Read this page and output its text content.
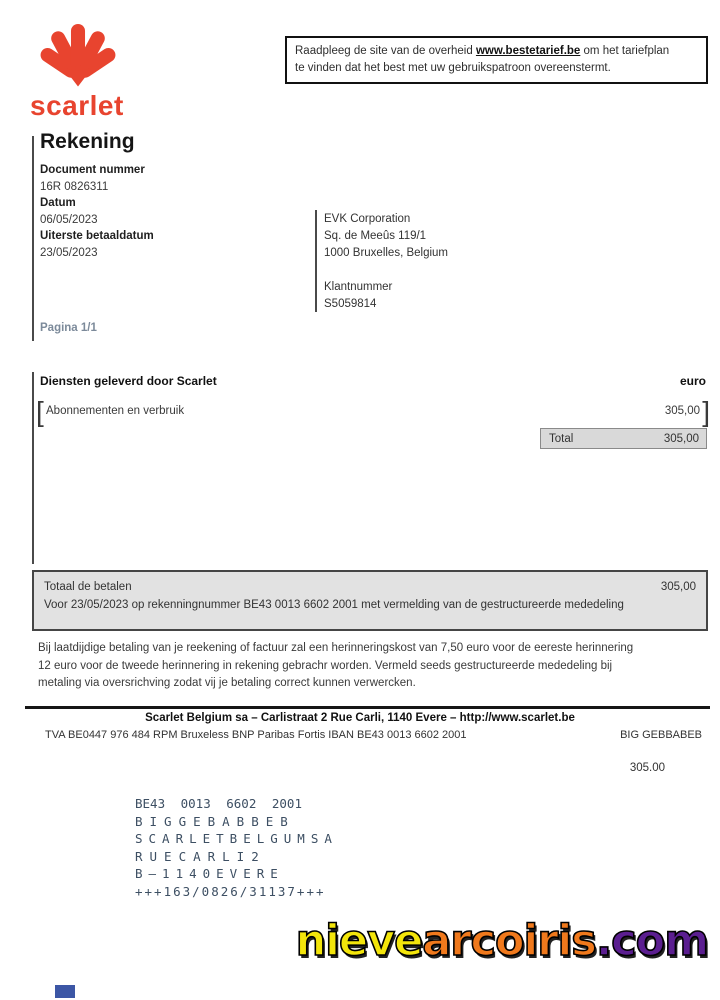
scarlet
Raadpleeg de site van de overheid www.bestetarief.be om het tariefplan
te vinden dat het best met uw gebruikspatroon overeenstermt.
Rekening
Document nummer
16R 0826311
Datum
06/05/2023
Uiterste betaaldatum
23/05/2023
Pagina 1/1
EVK Corporation
Sq. de Meeûs 119/1
1000 Bruxelles, Belgium
Klantnummer
S5059814
Diensten geleverd door Scarlet	euro
[ Abonnementen en verbruik	305,00 ]
Total	305,00
Totaal de betalen	305,00
Voor 23/05/2023 op rekenningnummer BE43 0013 6602 2001 met vermelding van de gestructureerde mededeling
Bij laatdijdige betaling van je reekening of factuur zal een herinneringskost van 7,50 euro voor de eereste herinnering
12 euro voor de tweede herinnering in rekening gebrachr worden. Vermeld seeds gestructureerde mededeling bij
metaling via oversrichving zodat vij je betaling correct kunnen verwercken.
Scarlet Belgium sa – Carlistraat 2 Rue Carli, 1140 Evere – http://www.scarlet.be
TVA BE0447 976 484 RPM Bruxeless BNP Paribas Fortis IBAN BE43 0013 6602 2001	BIG GEBBABEB
305.00
BE43 0013 6602 2001
BIGGEBABBEB
SCARLETBELGUMSA
RUECARLI2
B–1140EVERE
+++163/0826/31137+++
nievearcoiris.com
